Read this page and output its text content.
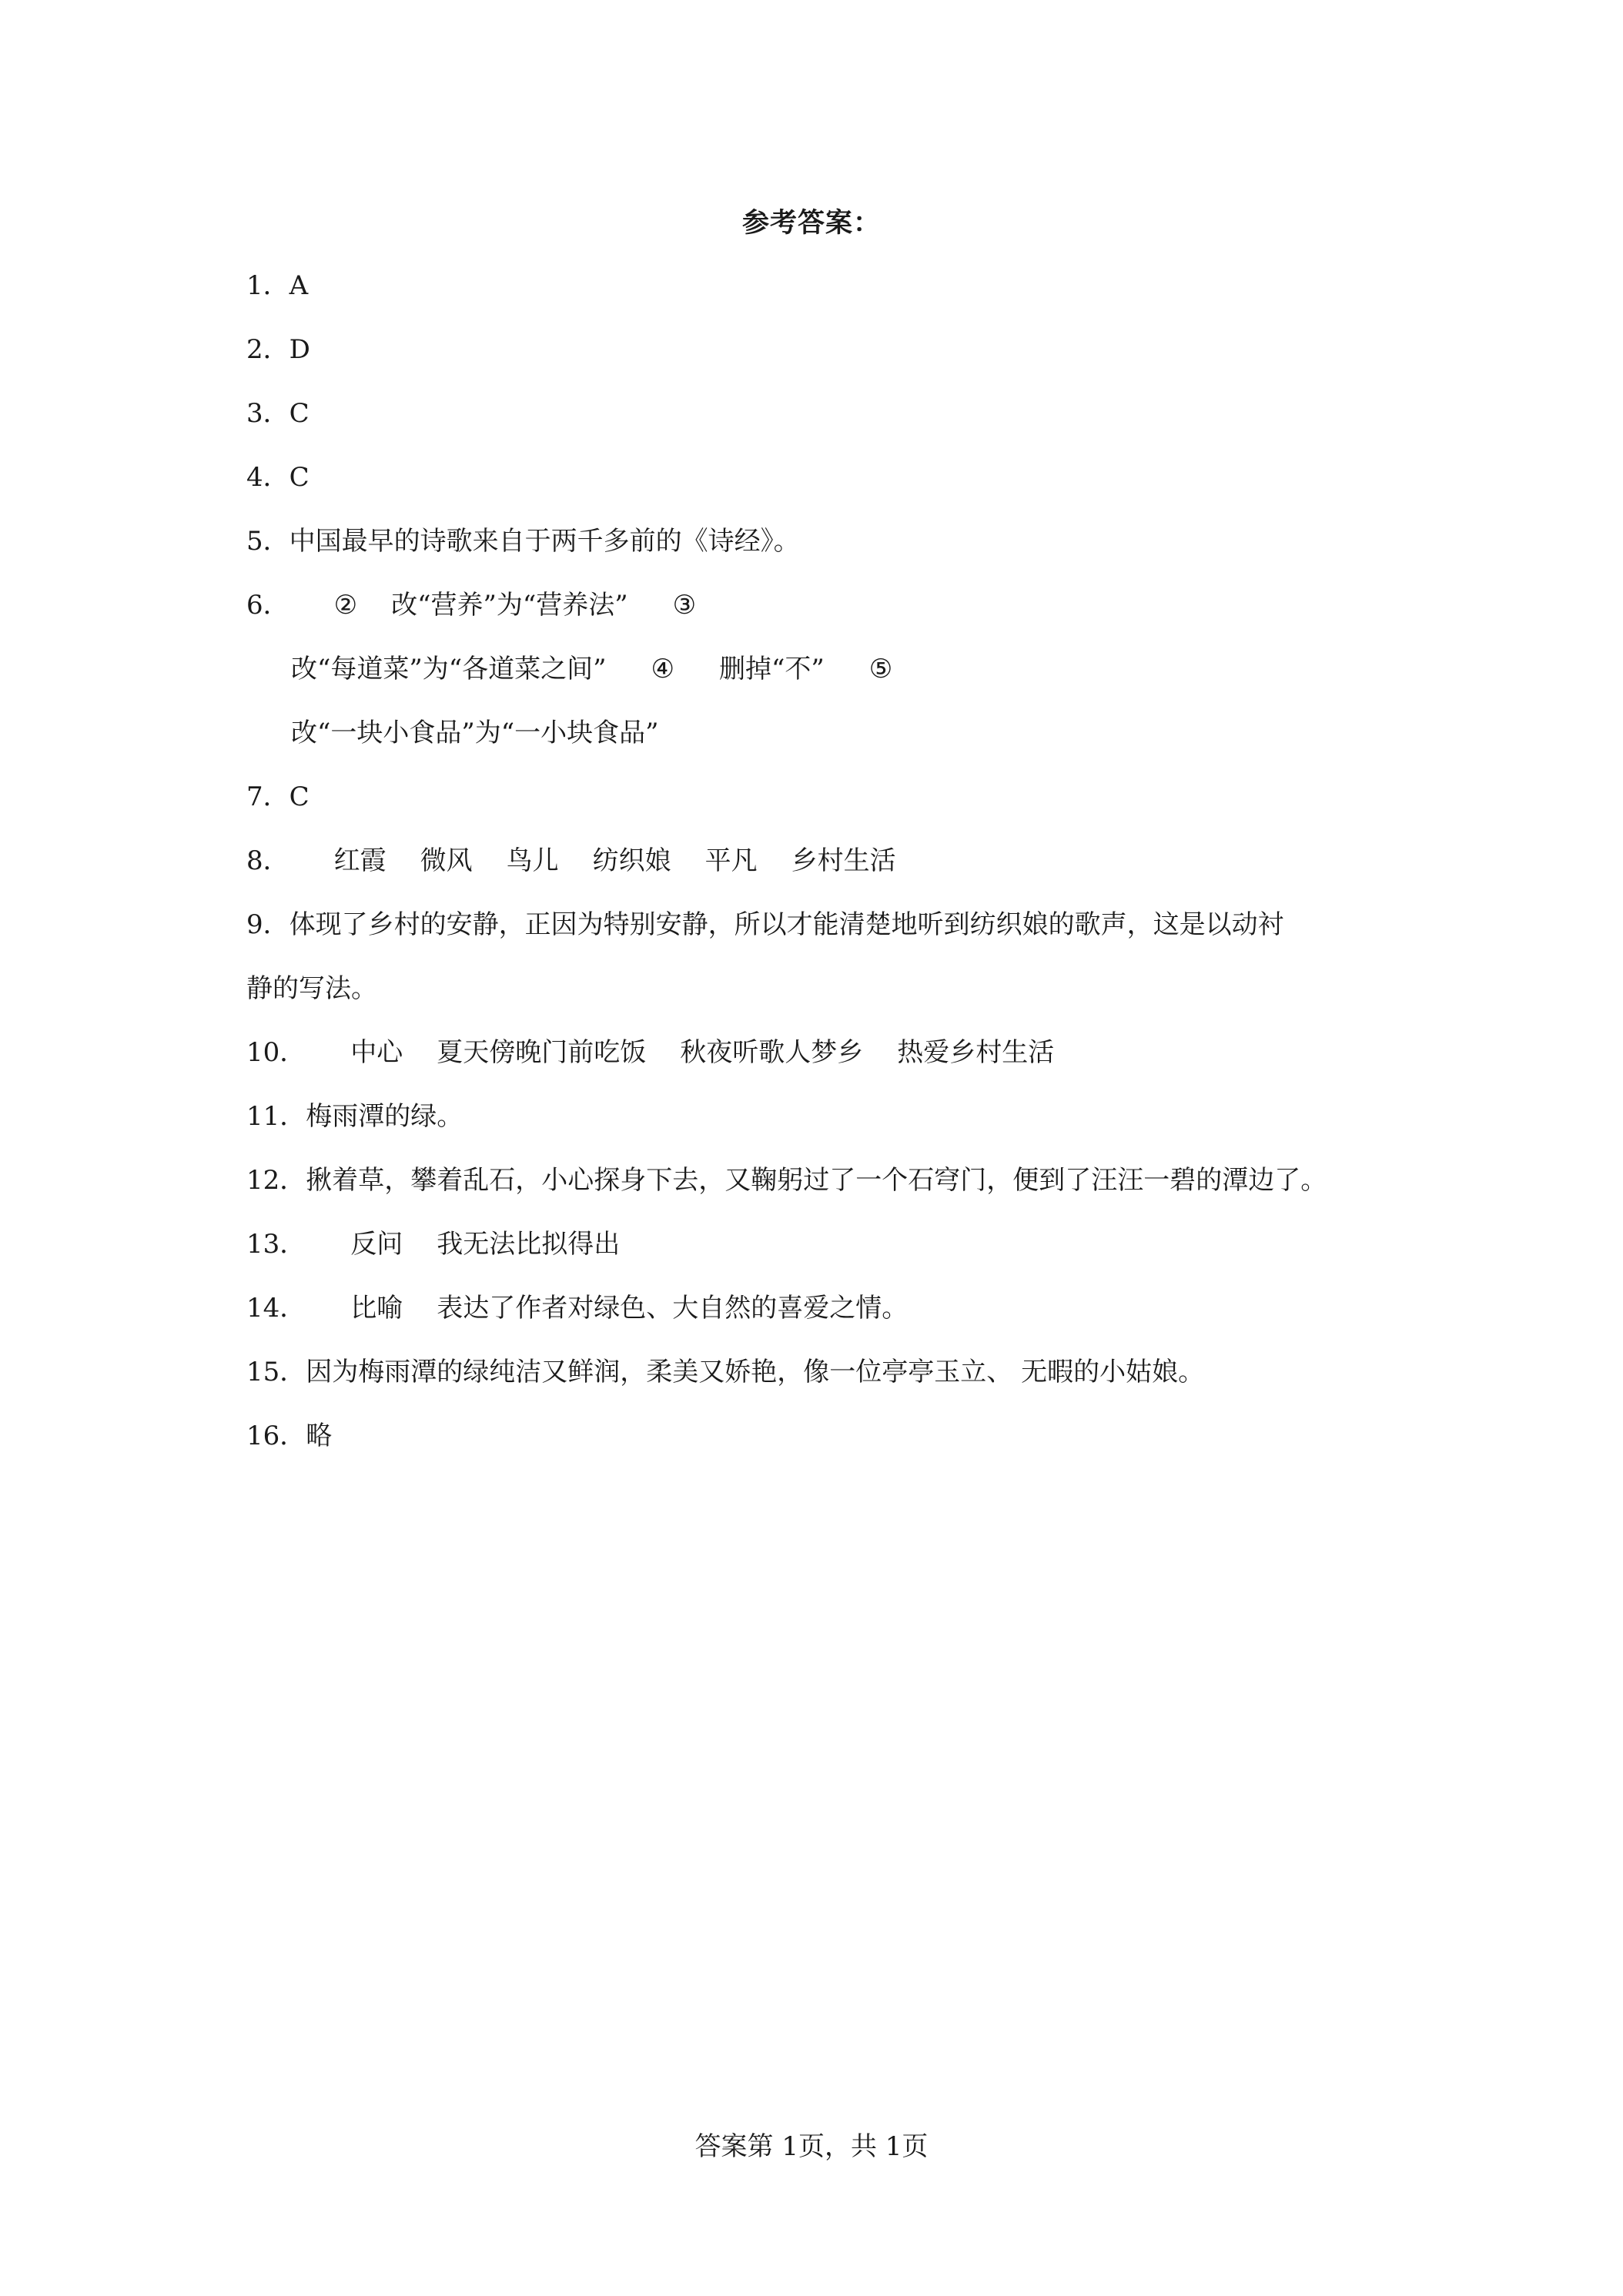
参考答案：
1．A
2．D
3．C
4．C
5．中国最早的诗歌来自于两千多前的《诗经》。
6． ② 改“营养”为“营养法” ③
改“每道菜”为“各道菜之间” ④ 删掉“不” ⑤
改“一块小食品”为“一小块食品”
7．C
8． 红霞 微风 鸟儿 纺织娘 平凡 乡村生活
9．体现了乡村的安静，正因为特别安静，所以才能清楚地听到纺织娘的歌声，这是以动衬
静的写法。
10． 中心 夏天傍晚门前吃饭 秋夜听歌人梦乡 热爱乡村生活
11．梅雨潭的绿。
12．揪着草，攀着乱石，小心探身下去，又鞠躬过了一个石穹门，便到了汪汪一碧的潭边了。
13． 反问 我无法比拟得出
14． 比喻 表达了作者对绿色、大自然的喜爱之情。
15．因为梅雨潭的绿纯洁又鲜润，柔美又娇艳，像一位亭亭玉立、 无暇的小姑娘。
16．略
答案第 1页，共 1页
